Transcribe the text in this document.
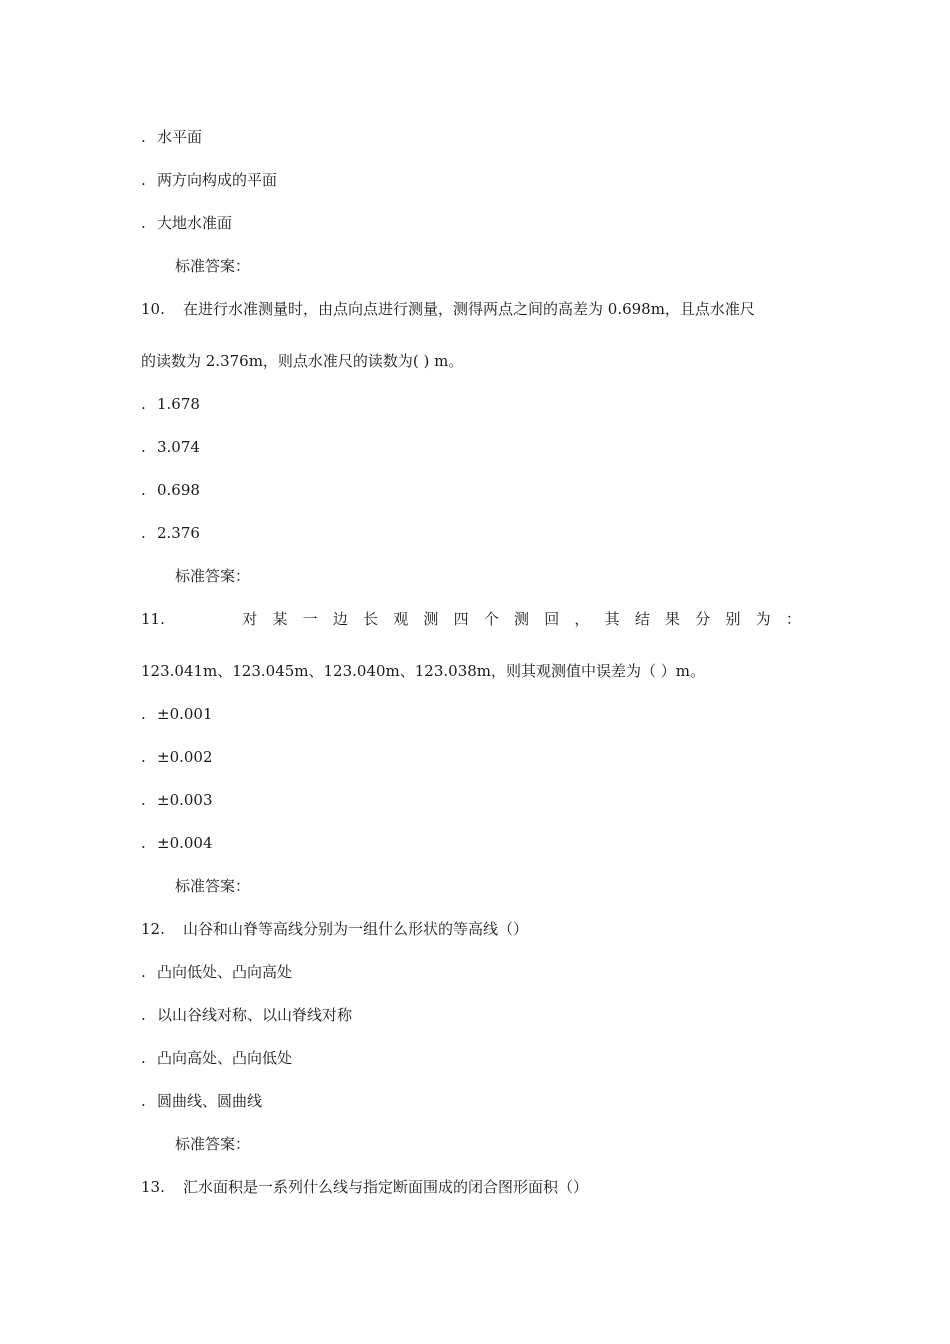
. 水平面
. 两方向构成的平面
. 大地水准面
标准答案：
10. 在进行水准测量时，由点向点进行测量，测得两点之间的高差为 0.698m，且点水准尺
的读数为 2.376m，则点水准尺的读数为( ) m。
. 1.678
. 3.074
. 0.698
. 2.376
标准答案：
11.	对 某 一 边 长 观 测 四 个 测 回 ， 其 结 果 分 别 为 ：
123.041m、123.045m、123.040m、123.038m，则其观测值中误差为（ ）m。
. ±0.001
. ±0.002
. ±0.003
. ±0.004
标准答案：
12. 山谷和山脊等高线分别为一组什么形状的等高线（）
. 凸向低处、凸向高处
. 以山谷线对称、以山脊线对称
. 凸向高处、凸向低处
. 圆曲线、圆曲线
标准答案：
13. 汇水面积是一系列什么线与指定断面围成的闭合图形面积（）
